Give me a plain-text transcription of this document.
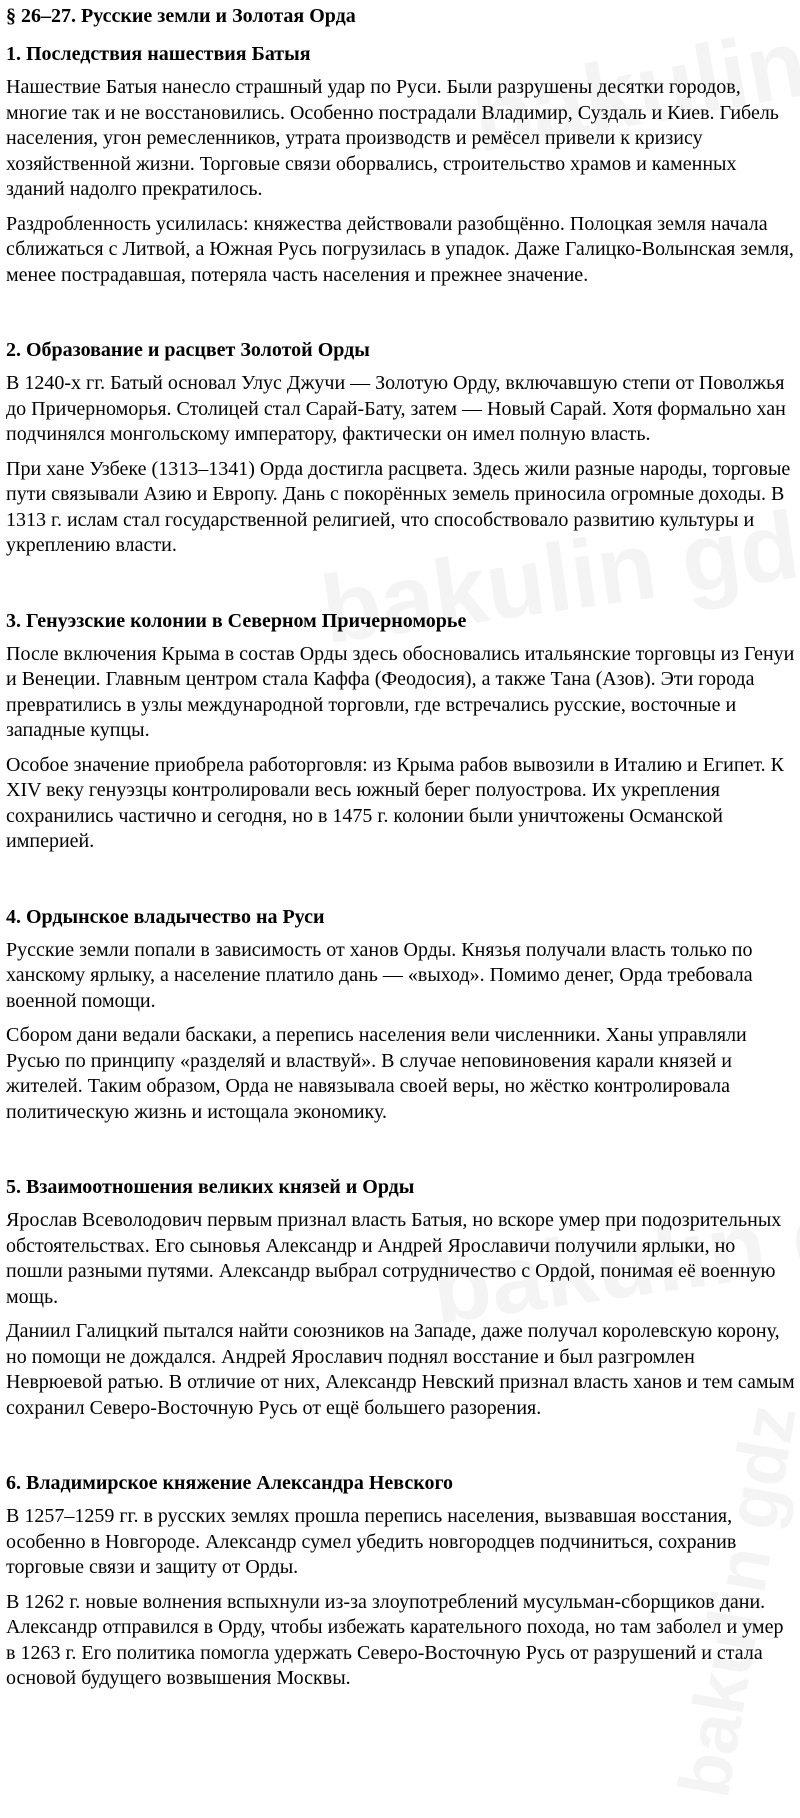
§ 26–27. Русские земли и Золотая Орда
1. Последствия нашествия Батыя

Нашествие Батыя нанесло страшный удар по Руси. Были разрушены десятки городов, многие так и не восстановились. Особенно пострадали Владимир, Суздаль и Киев. Гибель населения, угон ремесленников, утрата производств и ремёсел привели к кризису хозяйственной жизни. Торговые связи оборвались, строительство храмов и каменных зданий надолго прекратилось.

Раздробленность усилилась: княжества действовали разобщённо. Полоцкая земля начала сближаться с Литвой, а Южная Русь погрузилась в упадок. Даже Галицко-Волынская земля, менее пострадавшая, потеряла часть населения и прежнее значение.

2. Образование и расцвет Золотой Орды

В 1240-х гг. Батый основал Улус Джучи — Золотую Орду, включавшую степи от Поволжья до Причерноморья. Столицей стал Сарай-Бату, затем — Новый Сарай. Хотя формально хан подчинялся монгольскому императору, фактически он имел полную власть.

При хане Узбеке (1313–1341) Орда достигла расцвета. Здесь жили разные народы, торговые пути связывали Азию и Европу. Дань с покорённых земель приносила огромные доходы. В 1313 г. ислам стал государственной религией, что способствовало развитию культуры и укреплению власти.

3. Генуэзские колонии в Северном Причерноморье

После включения Крыма в состав Орды здесь обосновались итальянские торговцы из Генуи и Венеции. Главным центром стала Каффа (Феодосия), а также Тана (Азов). Эти города превратились в узлы международной торговли, где встречались русские, восточные и западные купцы.

Особое значение приобрела работорговля: из Крыма рабов вывозили в Италию и Египет. К XIV веку генуэзцы контролировали весь южный берег полуострова. Их укрепления сохранились частично и сегодня, но в 1475 г. колонии были уничтожены Османской империей.

4. Ордынское владычество на Руси

Русские земли попали в зависимость от ханов Орды. Князья получали власть только по ханскому ярлыку, а население платило дань — «выход». Помимо денег, Орда требовала военной помощи.

Сбором дани ведали баскаки, а перепись населения вели численники. Ханы управляли Русью по принципу «разделяй и властвуй». В случае неповиновения карали князей и жителей. Таким образом, Орда не навязывала своей веры, но жёстко контролировала политическую жизнь и истощала экономику.

5. Взаимоотношения великих князей и Орды

Ярослав Всеволодович первым признал власть Батыя, но вскоре умер при подозрительных обстоятельствах. Его сыновья Александр и Андрей Ярославичи получили ярлыки, но пошли разными путями. Александр выбрал сотрудничество с Ордой, понимая её военную мощь.

Даниил Галицкий пытался найти союзников на Западе, даже получал королевскую корону, но помощи не дождался. Андрей Ярославич поднял восстание и был разгромлен Неврюевой ратью. В отличие от них, Александр Невский признал власть ханов и тем самым сохранил Северо-Восточную Русь от ещё большего разорения.

6. Владимирское княжение Александра Невского

В 1257–1259 гг. в русских землях прошла перепись населения, вызвавшая восстания, особенно в Новгороде. Александр сумел убедить новгородцев подчиниться, сохранив торговые связи и защиту от Орды.

В 1262 г. новые волнения вспыхнули из-за злоупотреблений мусульман-сборщиков дани. Александр отправился в Орду, чтобы избежать карательного похода, но там заболел и умер в 1263 г. Его политика помогла удержать Северо-Восточную Русь от разрушений и стала основой будущего возвышения Москвы.
